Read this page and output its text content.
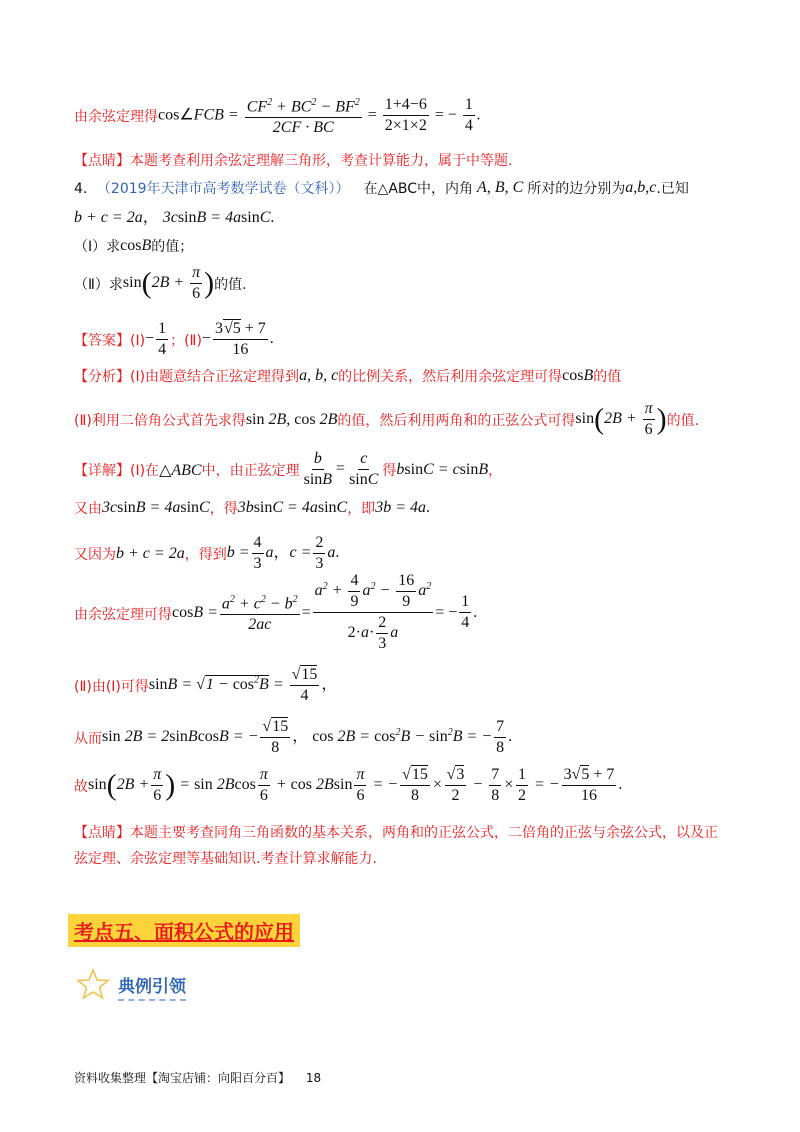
由余弦定理得 cos∠FCB = $\frac{CF^2 + BC^2 - BF^2}{2CF \cdot BC} = \frac{1+4-6}{2\times 1\times 2}$ = − $\frac{1}{4}$ .
【点睛】本题考查利用余弦定理解三角形，考查计算能力，属于中等题.
4． （2019年天津市高考数学试卷（文科）） 在△ABC中，内角 A, B, C 所对的边分别为 a,b,c .已知
b + c = 2a， 3csinB = 4asinC.
（Ⅰ）求 cosB 的值；
（Ⅱ）求 $\sin(2B + \frac{\pi}{6}$ ) 的值.
【答案】(Ⅰ) − $\frac{1}{4}$ ；(Ⅱ) − $\frac{3√5 + 7}{16}$ .
【分析】(Ⅰ)由题意结合正弦定理得到 a, b, c 的比例关系，然后利用余弦定理可得 cosB 的值
(Ⅱ)利用二倍角公式首先求得 sin 2B, cos 2B 的值，然后利用两角和的正弦公式可得 $\sin(2B + \frac{\pi}{6}$ ) 的值.
【详解】(Ⅰ)在 △ABC 中，由正弦定理 $\frac{b}{\sin B} = \frac{c}{\sin C}$ 得 bsinC = csinB ，
又由 3csinB = 4asinC ，得 3bsinC = 4asinC ，即 3b = 4a.
又因为 b + c = 2a ，得到 $b = \frac{4}{3}$ a，$c = \frac{2}{3} a$.
由余弦定理可得 $\cos B = \frac{a^2 + c^2 - b^2}{2ac} = \frac{a^2 + \frac{4}{9} a^2 - \frac{16}{9} a^2}{2\cdot a\cdot \frac{2}{3} a}$ = − $\frac{1}{4}$ .
(Ⅱ)由(Ⅰ)可得 $\sin B = √1 - \cos^2B = \frac{√15}{4}$ ，
从而 sin 2B = 2sinBcosB = − $\frac{√15}{8}$ ， $\cos 2B = \cos^2B - \sin^2B$ = − $\frac{7}{8}$ .
故 $\sin(2B + \frac{\pi}{6}$ ) = $\sin 2Bcos \frac{\pi}{6} + \cos 2Bsin \frac{\pi}{6}$ = − $\frac{√15}{8} \times \frac{√3}{2} - \frac{7}{8} \times \frac{1}{2}$ = − $\frac{3√5 + 7}{16}$ .
【点睛】本题主要考查同角三角函数的基本关系，两角和的正弦公式，二倍角的正弦与余弦公式，以及正
弦定理、余弦定理等基础知识.考查计算求解能力.
考点五、面积公式的应用
典例引领
资料收集整理【淘宝店铺：向阳百分百】 18
